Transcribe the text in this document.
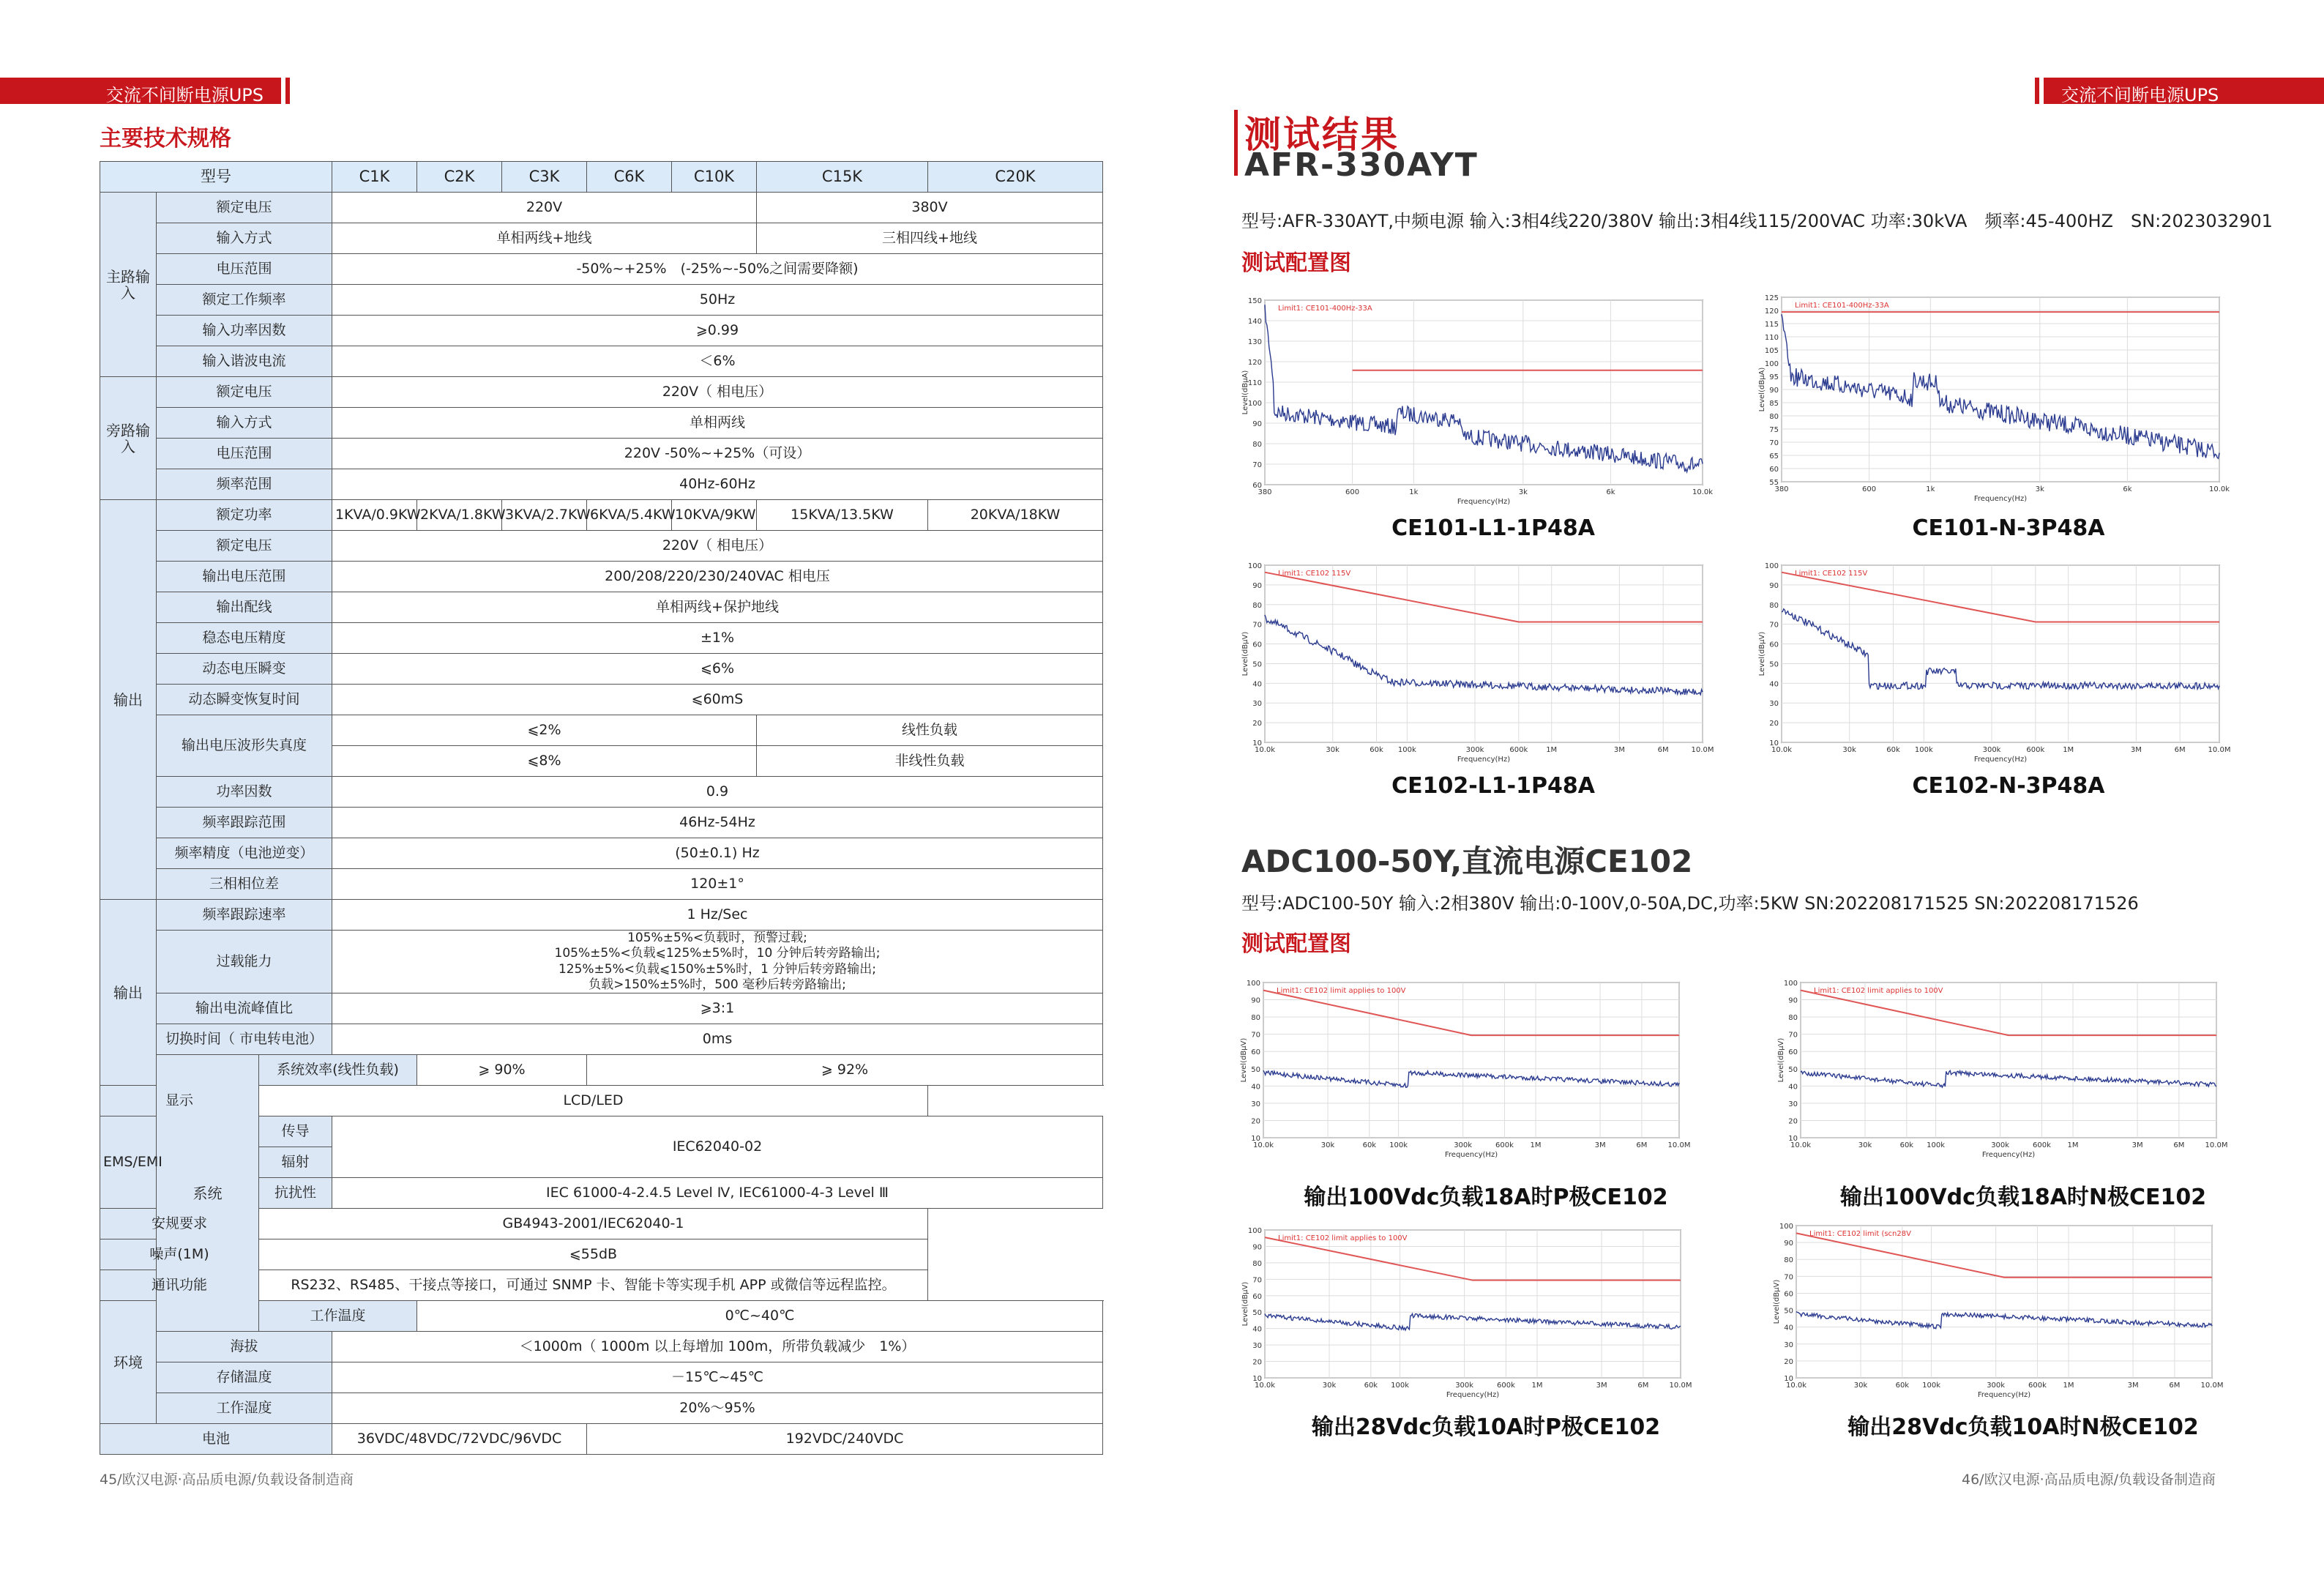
交流不间断电源UPS
主要技术规格
型号			C1K	C2K	C3K	C6K	C10K	C15K	C20K
主路输入	额定电压		220V					380V	
	输入方式		单相两线+地线					三相四线+地线	
	电压范围		-50%~+25%　(-25%~-50%之间需要降额)						
	额定工作频率		50Hz						
	输入功率因数		⩾0.99						
	输入谐波电流		＜6%						
旁路输入	额定电压		220V（ 相电压）						
	输入方式		单相两线						
	电压范围		220V -50%~+25%（可设）						
	频率范围		40Hz-60Hz						
输出	额定功率		1KVA/0.9KW	2KVA/1.8KW	3KVA/2.7KW	6KVA/5.4KW	10KVA/9KW	15KVA/13.5KW	20KVA/18KW
	额定电压		220V（ 相电压）						
	输出电压范围		200/208/220/230/240VAC 相电压						
	输出配线		单相两线+保护地线						
	稳态电压精度		±1%						
	动态电压瞬变		⩽6%						
	动态瞬变恢复时间		⩽60mS						
	输出电压波形失真度		⩽2%					线性负载	
			⩽8%					非线性负载	
	功率因数		0.9						
	频率跟踪范围		46Hz-54Hz						
	频率精度（电池逆变）		(50±0.1) Hz						
	三相相位差		120±1°						
输出	频率跟踪速率		1 Hz/Sec						
	过载能力		105%±5%<负载时，预警过载;
105%±5%<负载⩽125%±5%时，10 分钟后转旁路输出;
125%±5%<负载⩽150%±5%时，1 分钟后转旁路输出;
负载>150%±5%时，500 毫秒后转旁路输出;						

	输出电流峰值比		⩾3:1						
	切换时间（ 市电转电池）		0ms						
	系统	系统效率(线性负载)		⩾ 90%		⩾ 92%			
显示		LCD/LED							
EMS/EMI		传导	IEC62040-02						
		辐射							
		抗扰性	IEC 61000-4-2.4.5 Level Ⅳ, IEC61000-4-3 Level Ⅲ						
安规要求		GB4943-2001/IEC62040-1							
噪声(1M)		⩽55dB							
通讯功能		RS232、RS485、干接点等接口，可通过 SNMP 卡、智能卡等实现手机 APP 或微信等远程监控。							
环境		工作温度		0℃~40℃					
	海拔		＜1000m（ 1000m 以上每增加 100m，所带负载减少　1%）						
	存储温度		－15℃~45℃						
	工作湿度		20%～95%						
电池			36VDC/48VDC/72VDC/96VDC			192VDC/240VDC			
45/欧汉电源·高品质电源/负载设备制造商
交流不间断电源UPS
测试结果
AFR-330AYT
型号:AFR-330AYT,中频电源 输入:3相4线220/380V 输出:3相4线115/200VAC 功率:30kVA　频率:45-400HZ　SN:2023032901
测试配置图
ADC100-50Y,直流电源CE102
型号:ADC100-50Y 输入:2相380V 输出:0-100V,0-50A,DC,功率:5KW SN:202208171525 SN:202208171526
测试配置图
150
140
130
120
110
100
90
80
70
60
380	600	1k	3k	6k	10.0k
Frequency(Hz)
Level(dBμA)
Limit1: CE101-400Hz-33A
125
120
115
110
105
100
95
90
85
80
75
70
65
60
55
380	600	1k	3k	6k	10.0k
Frequency(Hz)
Level(dBμA)
Limit1: CE101-400Hz-33A
100
90
80
70
60
50
40
30
20
10
10.0k	30k	60k 100k	300k	600k 1M	3M	6M	10.0M
Frequency(Hz)
Level(dBμV)
Limit1: CE102 115V
100
90
80
70
60
50
40
30
20
10
10.0k	30k	60k 100k	300k	600k 1M	3M	6M	10.0M
Frequency(Hz)
Level(dBμV)
Limit1: CE102 115V
100
90
80
70
60
50
40
30
20
10
10.0k	30k	60k 100k	300k	600k 1M	3M	6M	10.0M
Frequency(Hz)
Level(dBμV)
Limit1: CE102 limit applies to 100V
100
90
80
70
60
50
40
30
20
10
10.0k	30k	60k 100k	300k	600k 1M	3M	6M	10.0M
Frequency(Hz)
Level(dBμV)
Limit1: CE102 limit applies to 100V
100
90
80
70
60
50
40
30
20
10
10.0k	30k	60k 100k	300k	600k 1M	3M	6M	10.0M
Frequency(Hz)
Level(dBμV)
Limit1: CE102 limit applies to 100V
100
90
80
70
60
50
40
30
20
10
10.0k	30k	60k 100k	300k	600k 1M	3M	6M	10.0M
Frequency(Hz)
Level(dBμV)
Limit1: CE102 limit (scn28V
CE101-L1-1P48A	CE101-N-3P48A
CE102-L1-1P48A	CE102-N-3P48A
输出100Vdc负载18A时P极CE102	输出100Vdc负载18A时N极CE102
输出28Vdc负载10A时P极CE102	输出28Vdc负载10A时N极CE102
46/欧汉电源·高品质电源/负载设备制造商
